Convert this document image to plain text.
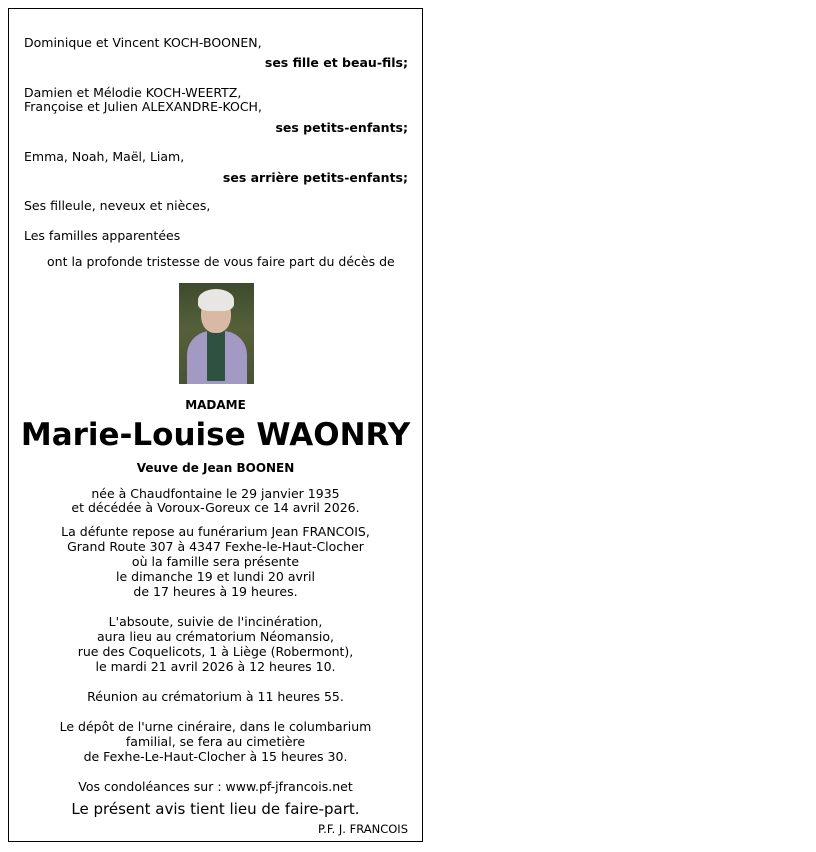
Dominique et Vincent KOCH-BOONEN,
ses fille et beau-fils;
Damien et Mélodie KOCH-WEERTZ,
Françoise et Julien ALEXANDRE-KOCH,
ses petits-enfants;
Emma, Noah, Maël, Liam,
ses arrière petits-enfants;
Ses filleule, neveux et nièces,
Les familles apparentées
ont la profonde tristesse de vous faire part du décès de
MADAME
Marie-Louise WAONRY
Veuve de Jean BOONEN
née à Chaudfontaine le 29 janvier 1935
et décédée à Voroux-Goreux ce 14 avril 2026.
La défunte repose au funérarium Jean FRANCOIS,
Grand Route 307 à 4347 Fexhe-le-Haut-Clocher
où la famille sera présente
le dimanche 19 et lundi 20 avril
de 17 heures à 19 heures.
L'absoute, suivie de l'incinération,
aura lieu au crématorium Néomansio,
rue des Coquelicots, 1 à Liège (Robermont),
le mardi 21 avril 2026 à 12 heures 10.
Réunion au crématorium à 11 heures 55.
Le dépôt de l'urne cinéraire, dans le columbarium
familial, se fera au cimetière
de Fexhe-Le-Haut-Clocher à 15 heures 30.
Vos condoléances sur : www.pf-jfrancois.net
Le présent avis tient lieu de faire-part.
P.F. J. FRANCOIS
